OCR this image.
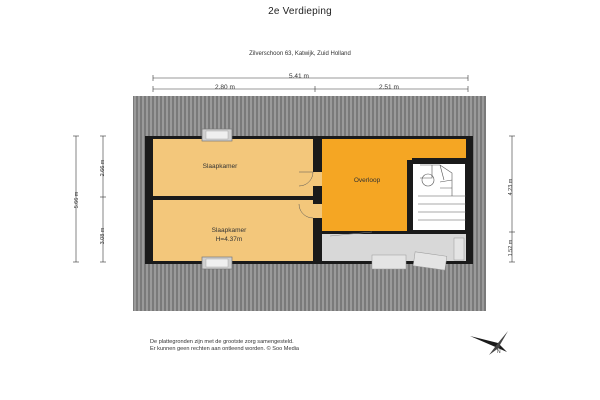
2e Verdieping
Zilverschoon 63, Katwijk, Zuid Holland
5.41 m
2.80 m	2.51 m
5.66 m
2.66 m
3.08 m
4.23 m
1.52 m
Slaapkamer
Slaapkamer
H=4.37m
Overloop
De plattegronden zijn met de grootste zorg samengesteld.
Er kunnen geen rechten aan ontleend worden. © Soo Media	N
